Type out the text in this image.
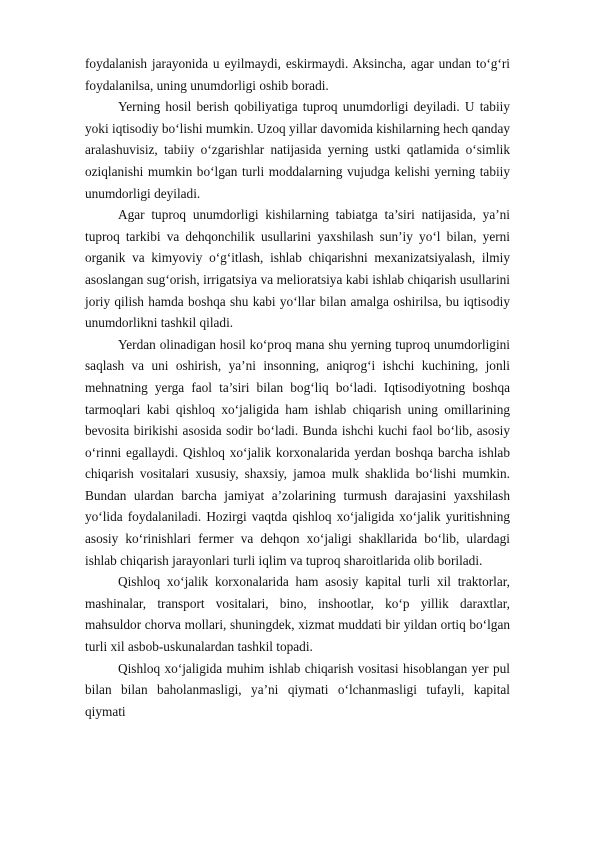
foydalanish jarayonida u eyilmaydi, eskirmaydi. Aksincha, agar undan to‘g‘ri foydalanilsa, uning unumdorligi oshib boradi.

Yerning hosil berish qobiliyatiga tuproq unumdorligi deyiladi. U tabiiy yoki iqtisodiy bo‘lishi mumkin. Uzoq yillar davomida kishilarning hech qanday aralashuvisiz, tabiiy o‘zgarishlar natijasida yerning ustki qatlamida o‘simlik oziqlanishi mumkin bo‘lgan turli moddalarning vujudga kelishi yerning tabiiy unumdorligi deyiladi.

Agar tuproq unumdorligi kishilarning tabiatga ta’siri natijasida, ya’ni tuproq tarkibi va dehqonchilik usullarini yaxshilash sun’iy yo‘l bilan, yerni organik va kimyoviy o‘g‘itlash, ishlab chiqarishni mexanizatsiyalash, ilmiy asoslangan sug‘orish, irrigatsiya va melioratsiya kabi ishlab chiqarish usullarini joriy qilish hamda boshqa shu kabi yo‘llar bilan amalga oshirilsa, bu iqtisodiy unumdorlikni tashkil qiladi.

Yerdan olinadigan hosil ko‘proq mana shu yerning tuproq unumdorligini saqlash va uni oshirish, ya’ni insonning, aniqrog‘i ishchi kuchining, jonli mehnatning yerga faol ta’siri bilan bog‘liq bo‘ladi. Iqtisodiyotning boshqa tarmoqlari kabi qishloq xo‘jaligida ham ishlab chiqarish uning omillarining bevosita birikishi asosida sodir bo‘ladi. Bunda ishchi kuchi faol bo‘lib, asosiy o‘rinni egallaydi. Qishloq xo‘jalik korxonalarida yerdan boshqa barcha ishlab chiqarish vositalari xususiy, shaxsiy, jamoa mulk shaklida bo‘lishi mumkin. Bundan ulardan barcha jamiyat a’zolarining turmush darajasini yaxshilash yo‘lida foydalaniladi. Hozirgi vaqtda qishloq xo‘jaligida xo‘jalik yuritishning asosiy ko‘rinishlari fermer va dehqon xo‘jaligi shakllarida bo‘lib, ulardagi ishlab chiqarish jarayonlari turli iqlim va tuproq sharoitlarida olib boriladi.

Qishloq xo‘jalik korxonalarida ham asosiy kapital turli xil traktorlar, mashinalar, transport vositalari, bino, inshootlar, ko‘p yillik daraxtlar, mahsuldor chorva mollari, shuningdek, xizmat muddati bir yildan ortiq bo‘lgan turli xil asbob-uskunalardan tashkil topadi.

Qishloq xo‘jaligida muhim ishlab chiqarish vositasi hisoblangan yer pul bilan bilan baholanmasligi, ya’ni qiymati o‘lchanmasligi tufayli, kapital qiymati
